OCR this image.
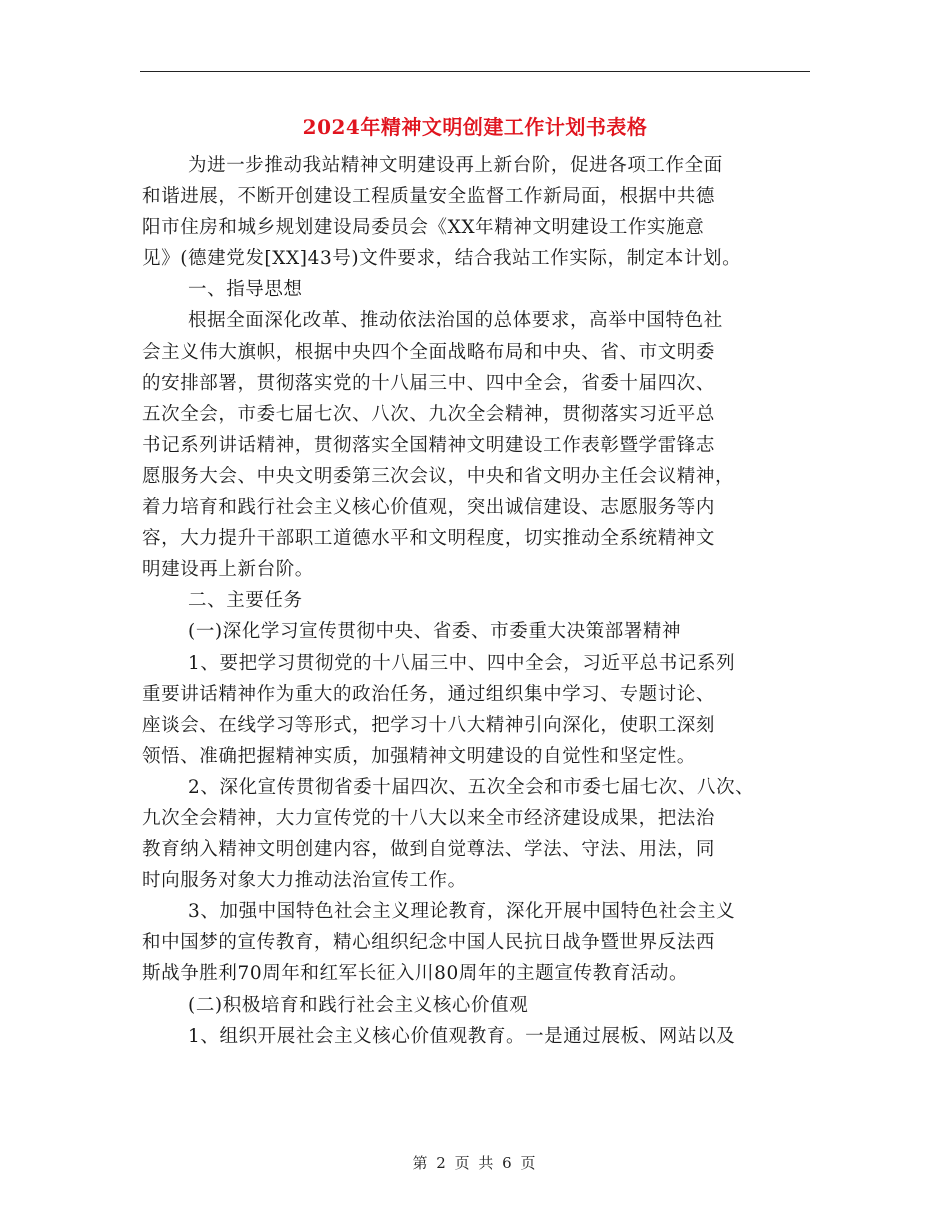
2024年精神文明创建工作计划书表格
为进一步推动我站精神文明建设再上新台阶，促进各项工作全面
和谐进展，不断开创建设工程质量安全监督工作新局面，根据中共德
阳市住房和城乡规划建设局委员会《XX年精神文明建设工作实施意
见》(德建党发[XX]43号)文件要求，结合我站工作实际，制定本计划。
一、指导思想
根据全面深化改革、推动依法治国的总体要求，高举中国特色社
会主义伟大旗帜，根据中央四个全面战略布局和中央、省、市文明委
的安排部署，贯彻落实党的十八届三中、四中全会，省委十届四次、
五次全会，市委七届七次、八次、九次全会精神，贯彻落实习近平总
书记系列讲话精神，贯彻落实全国精神文明建设工作表彰暨学雷锋志
愿服务大会、中央文明委第三次会议，中央和省文明办主任会议精神，
着力培育和践行社会主义核心价值观，突出诚信建设、志愿服务等内
容，大力提升干部职工道德水平和文明程度，切实推动全系统精神文
明建设再上新台阶。
二、主要任务
(一)深化学习宣传贯彻中央、省委、市委重大决策部署精神
1、要把学习贯彻党的十八届三中、四中全会，习近平总书记系列
重要讲话精神作为重大的政治任务，通过组织集中学习、专题讨论、
座谈会、在线学习等形式，把学习十八大精神引向深化，使职工深刻
领悟、准确把握精神实质，加强精神文明建设的自觉性和坚定性。
2、深化宣传贯彻省委十届四次、五次全会和市委七届七次、八次、
九次全会精神，大力宣传党的十八大以来全市经济建设成果，把法治
教育纳入精神文明创建内容，做到自觉尊法、学法、守法、用法，同
时向服务对象大力推动法治宣传工作。
3、加强中国特色社会主义理论教育，深化开展中国特色社会主义
和中国梦的宣传教育，精心组织纪念中国人民抗日战争暨世界反法西
斯战争胜利70周年和红军长征入川80周年的主题宣传教育活动。
(二)积极培育和践行社会主义核心价值观
1、组织开展社会主义核心价值观教育。一是通过展板、网站以及
第 2 页 共 6 页
